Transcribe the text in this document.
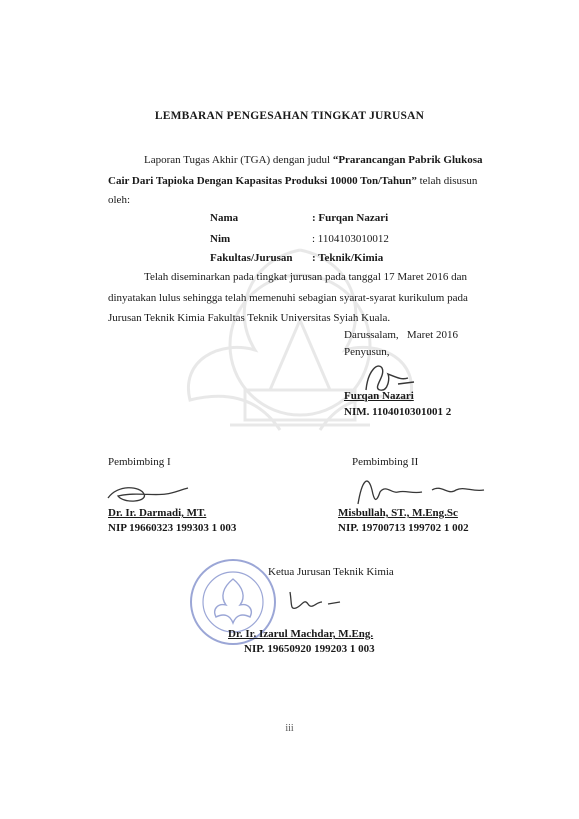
LEMBARAN PENGESAHAN TINGKAT JURUSAN
Laporan Tugas Akhir (TGA) dengan judul “Prarancangan Pabrik Glukosa
Cair Dari Tapioka Dengan Kapasitas Produksi 10000 Ton/Tahun” telah disusun
oleh:
Nama	: Furqan Nazari
Nim	: 1104103010012
Fakultas/Jurusan : Teknik/Kimia
Telah diseminarkan pada tingkat jurusan pada tanggal 17 Maret 2016 dan
dinyatakan lulus sehingga telah memenuhi sebagian syarat-syarat kurikulum pada
Jurusan Teknik Kimia Fakultas Teknik Universitas Syiah Kuala.
Darussalam,   Maret 2016
Penyusun,
Furqan Nazari
NIM. 1104010301001 2
Pembimbing I	Pembimbing II
Dr. Ir. Darmadi, MT.
NIP 19660323 199303 1 003
Misbullah, ST., M.Eng.Sc
NIP. 19700713 199702 1 002
Ketua Jurusan Teknik Kimia
Dr. Ir. Izarul Machdar, M.Eng.
NIP. 19650920 199203 1 003
iii
